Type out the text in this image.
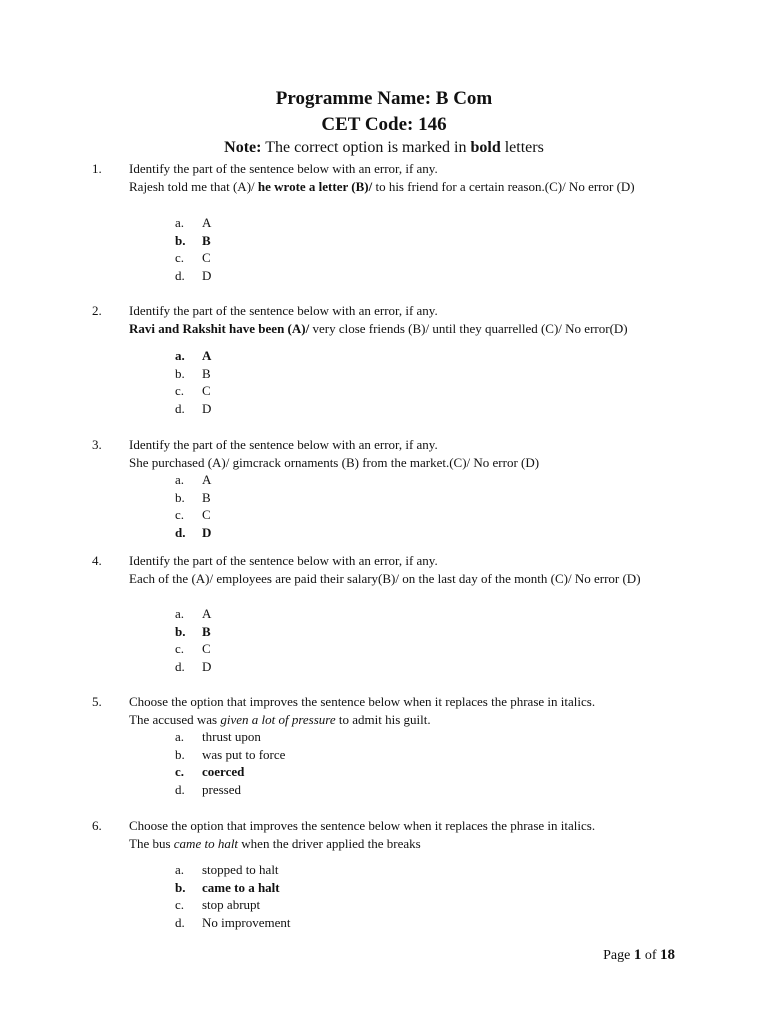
Programme Name: B Com
CET Code: 146
Note: The correct option is marked in bold letters
1. Identify the part of the sentence below with an error, if any.
Rajesh told me that (A)/ he wrote a letter (B)/ to his friend for a certain reason.(C)/ No error (D)
a. A
b. B
c. C
d. D
2. Identify the part of the sentence below with an error, if any.
Ravi and Rakshit have been (A)/ very close friends (B)/ until they quarrelled (C)/ No error(D)
a. A
b. B
c. C
d. D
3. Identify the part of the sentence below with an error, if any.
She purchased (A)/ gimcrack ornaments (B) from the market.(C)/ No error (D)
a. A
b. B
c. C
d. D
4. Identify the part of the sentence below with an error, if any.
Each of the (A)/ employees are paid their salary(B)/ on the last day of the month (C)/ No error (D)
a. A
b. B
c. C
d. D
5. Choose the option that improves the sentence below when it replaces the phrase in italics.
The accused was given a lot of pressure to admit his guilt.
a. thrust upon
b. was put to force
c. coerced
d. pressed
6. Choose the option that improves the sentence below when it replaces the phrase in italics.
The bus came to halt when the driver applied the breaks
a. stopped to halt
b. came to a halt
c. stop abrupt
d. No improvement
Page 1 of 18
